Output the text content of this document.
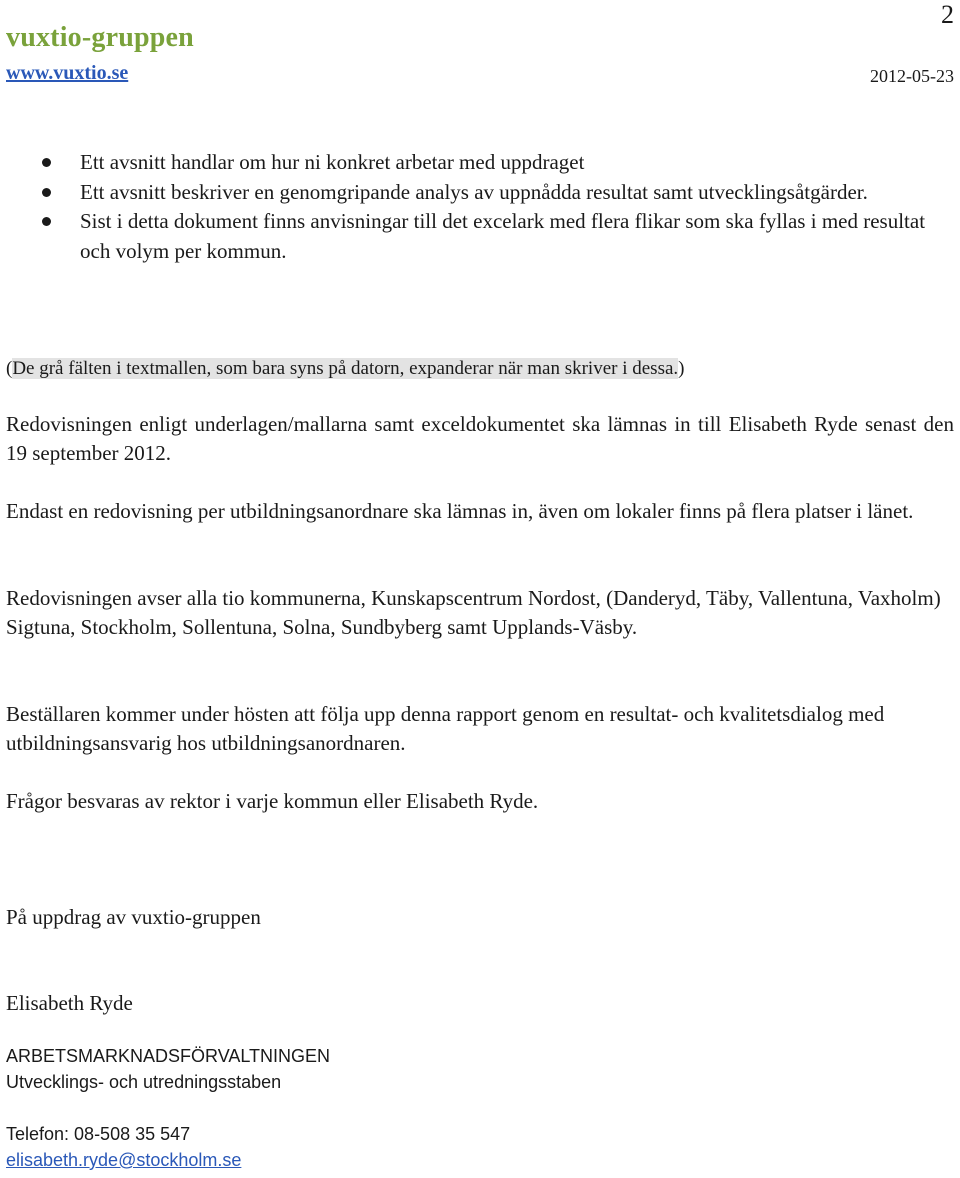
vuxtio-gruppen
www.vuxtio.se
2
2012-05-23
Ett avsnitt handlar om hur ni konkret arbetar med uppdraget
Ett avsnitt beskriver en genomgripande analys av uppnådda resultat samt utvecklingsåtgärder.
Sist i detta dokument finns anvisningar till det excelark med flera flikar som ska fyllas i med resultat och volym per kommun.

(De grå fälten i textmallen, som bara syns på datorn, expanderar när man skriver i dessa.)

Redovisningen enligt underlagen/mallarna samt exceldokumentet ska lämnas in till Elisabeth Ryde senast den 19 september 2012.

Endast en redovisning per utbildningsanordnare ska lämnas in, även om lokaler finns på flera platser i länet.

Redovisningen avser alla tio kommunerna, Kunskapscentrum Nordost, (Danderyd, Täby, Vallentuna, Vaxholm) Sigtuna, Stockholm, Sollentuna, Solna, Sundbyberg samt Upplands-Väsby.

Beställaren kommer under hösten att följa upp denna rapport genom en resultat- och kvalitetsdialog med utbildningsansvarig hos utbildningsanordnaren.

Frågor besvaras av rektor i varje kommun eller Elisabeth Ryde.

På uppdrag av vuxtio-gruppen

Elisabeth Ryde

ARBETSMARKNADSFÖRVALTNINGEN
Utvecklings- och utredningsstaben
Telefon: 08-508 35 547
elisabeth.ryde@stockholm.se
